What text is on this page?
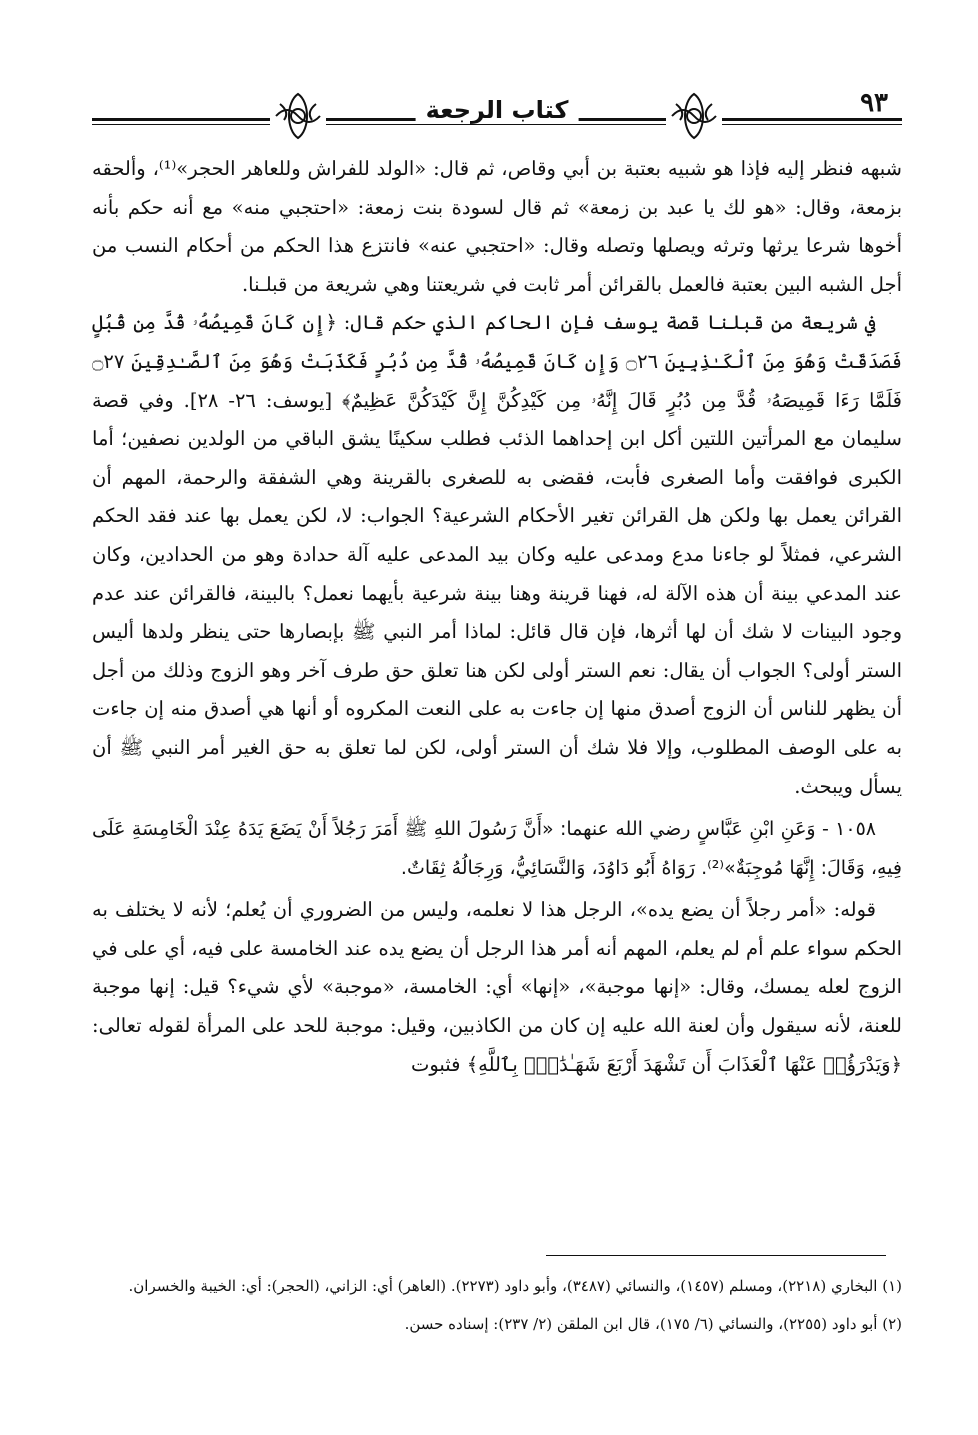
٩٣
كتاب الرجعة

شبهه فنظر إليه فإذا هو شبيه بعتبة بن أبي وقاص، ثم قال: «الولد للفراش وللعاهر الحجر»⁽¹⁾، وألحقه بزمعة، وقال: «هو لك يا عبد بن زمعة» ثم قال لسودة بنت زمعة: «احتجبي منه» مع أنه حكم بأنه أخوها شرعا يرثها وترثه ويصلها وتصله وقال: «احتجبي عنه» فانتزع هذا الحكم من أحكام النسب من أجل الشبه البين بعتبة فالعمل بالقرائن أمر ثابت في شريعتنا وهي شريعة من قبلـنا.

في شريعة من قبلنا قصة يوسف فإن الحاكم الذي حكم قال: ﴿إِن كَانَ قَمِيصُهُۥ قُدَّ مِن قُبُلٍ فَصَدَقَتْ وَهُوَ مِنَ ٱلْكَـٰذِبِينَ ۝٢٦ وَإِن كَانَ قَمِيصُهُۥ قُدَّ مِن دُبُرٍ فَكَذَبَتْ وَهُوَ مِنَ ٱلصَّـٰدِقِينَ ۝٢٧ فَلَمَّا رَءَا قَمِيصَهُۥ قُدَّ مِن دُبُرٍ قَالَ إِنَّهُۥ مِن كَيْدِكُنَّ إِنَّ كَيْدَكُنَّ عَظِيمٌ﴾ [يوسف: ٢٦- ٢٨]. وفي قصة سليمان مع المرأتين اللتين أكل ابن إحداهما الذئب فطلب سكينًا يشق الباقي من الولدين نصفين؛ أما الكبرى فوافقت وأما الصغرى فأبت، فقضى به للصغرى بالقرينة وهي الشفقة والرحمة، المهم أن القرائن يعمل بها ولكن هل القرائن تغير الأحكام الشرعية؟ الجواب: لا، لكن يعمل بها عند فقد الحكم الشرعي، فمثلاً لو جاءنا مدع ومدعى عليه وكان بيد المدعى عليه آلة حدادة وهو من الحدادين، وكان عند المدعي بينة أن هذه الآلة له، فهنا قرينة وهنا بينة شرعية بأيهما نعمل؟ بالبينة، فالقرائن عند عدم وجود البينات لا شك أن لها أثرها، فإن قال قائل: لماذا أمر النبي ﷺ بإبصارها حتى ينظر ولدها أليس الستر أولى؟ الجواب أن يقال: نعم الستر أولى لكن هنا تعلق حق طرف آخر وهو الزوج وذلك من أجل أن يظهر للناس أن الزوج أصدق منها إن جاءت به على النعت المكروه أو أنها هي أصدق منه إن جاءت به على الوصف المطلوب، وإلا فلا شك أن الستر أولى، لكن لما تعلق به حق الغير أمر النبي ﷺ أن يسأل ويبحث.

١٠٥٨ - وَعَنِ ابْنِ عَبَّاسٍ رضي الله عنهما: «أَنَّ رَسُولَ اللهِ ﷺ أَمَرَ رَجُلاً أَنْ يَضَعَ يَدَهُ عِنْدَ الْخَامِسَةِ عَلَى فِيهِ، وَقَالَ: إِنَّهَا مُوجِبَةٌ»⁽²⁾. رَوَاهُ أَبُو دَاوُدَ، وَالنَّسَائِيُّ، وَرِجَالُهُ ثِقَاتٌ.

قوله: «أمر رجلاً أن يضع يده»، الرجل هذا لا نعلمه، وليس من الضروري أن يُعلم؛ لأنه لا يختلف به الحكم سواء علم أم لم يعلم، المهم أنه أمر هذا الرجل أن يضع يده عند الخامسة على فيه، أي على في الزوج لعله يمسك، وقال: «إنها موجبة»، «إنها» أي: الخامسة، «موجبة» لأي شيء؟ قيل: إنها موجبة للعنة، لأنه سيقول وأن لعنة الله عليه إن كان من الكاذبين، وقيل: موجبة للحد على المرأة لقوله تعالى: ﴿وَيَدْرَؤُا۟ عَنْهَا ٱلْعَذَابَ أَن تَشْهَدَ أَرْبَعَ شَهَـٰدَٰتٍۭ بِٱللَّهِ﴾ فثبوت

(١) البخاري (٢٢١٨)، ومسلم (١٤٥٧)، والنسائي (٣٤٨٧)، وأبو داود (٢٢٧٣). (العاهر) أي: الزاني، (الحجر): أي: الخيبة والخسران.

(٢) أبو داود (٢٢٥٥)، والنسائي (٦/ ١٧٥)، قال ابن الملقن (٢/ ٢٣٧): إسناده حسن.
